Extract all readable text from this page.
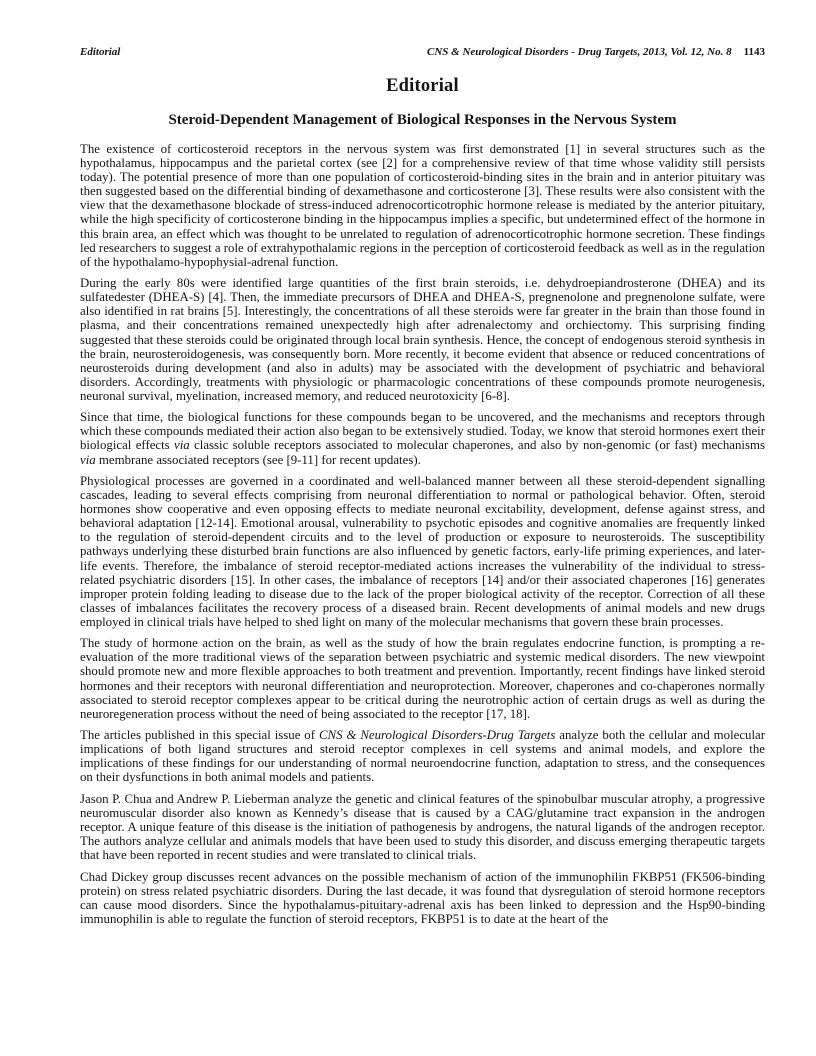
Editorial	CNS & Neurological Disorders - Drug Targets, 2013, Vol. 12, No. 8 1143
Editorial
Steroid-Dependent Management of Biological Responses in the Nervous System

The existence of corticosteroid receptors in the nervous system was first demonstrated [1] in several structures such as the hypothalamus, hippocampus and the parietal cortex (see [2] for a comprehensive review of that time whose validity still persists today). The potential presence of more than one population of corticosteroid-binding sites in the brain and in anterior pituitary was then suggested based on the differential binding of dexamethasone and corticosterone [3]. These results were also consistent with the view that the dexamethasone blockade of stress-induced adrenocorticotrophic hormone release is mediated by the anterior pituitary, while the high specificity of corticosterone binding in the hippocampus implies a specific, but undetermined effect of the hormone in this brain area, an effect which was thought to be unrelated to regulation of adrenocorticotrophic hormone secretion. These findings led researchers to suggest a role of extrahypothalamic regions in the perception of corticosteroid feedback as well as in the regulation of the hypothalamo-hypophysial-adrenal function.

During the early 80s were identified large quantities of the first brain steroids, i.e. dehydroepiandrosterone (DHEA) and its sulfatedester (DHEA-S) [4]. Then, the immediate precursors of DHEA and DHEA-S, pregnenolone and pregnenolone sulfate, were also identified in rat brains [5]. Interestingly, the concentrations of all these steroids were far greater in the brain than those found in plasma, and their concentrations remained unexpectedly high after adrenalectomy and orchiectomy. This surprising finding suggested that these steroids could be originated through local brain synthesis. Hence, the concept of endogenous steroid synthesis in the brain, neurosteroidogenesis, was consequently born. More recently, it become evident that absence or reduced concentrations of neurosteroids during development (and also in adults) may be associated with the development of psychiatric and behavioral disorders. Accordingly, treatments with physiologic or pharmacologic concentrations of these compounds promote neurogenesis, neuronal survival, myelination, increased memory, and reduced neurotoxicity [6-8].

Since that time, the biological functions for these compounds began to be uncovered, and the mechanisms and receptors through which these compounds mediated their action also began to be extensively studied. Today, we know that steroid hormones exert their biological effects via classic soluble receptors associated to molecular chaperones, and also by non-genomic (or fast) mechanisms via membrane associated receptors (see [9-11] for recent updates).

Physiological processes are governed in a coordinated and well-balanced manner between all these steroid-dependent signalling cascades, leading to several effects comprising from neuronal differentiation to normal or pathological behavior. Often, steroid hormones show cooperative and even opposing effects to mediate neuronal excitability, development, defense against stress, and behavioral adaptation [12-14]. Emotional arousal, vulnerability to psychotic episodes and cognitive anomalies are frequently linked to the regulation of steroid-dependent circuits and to the level of production or exposure to neurosteroids. The susceptibility pathways underlying these disturbed brain functions are also influenced by genetic factors, early-life priming experiences, and later-life events. Therefore, the imbalance of steroid receptor-mediated actions increases the vulnerability of the individual to stress-related psychiatric disorders [15]. In other cases, the imbalance of receptors [14] and/or their associated chaperones [16] generates improper protein folding leading to disease due to the lack of the proper biological activity of the receptor. Correction of all these classes of imbalances facilitates the recovery process of a diseased brain. Recent developments of animal models and new drugs employed in clinical trials have helped to shed light on many of the molecular mechanisms that govern these brain processes.

The study of hormone action on the brain, as well as the study of how the brain regulates endocrine function, is prompting a re-evaluation of the more traditional views of the separation between psychiatric and systemic medical disorders. The new viewpoint should promote new and more flexible approaches to both treatment and prevention. Importantly, recent findings have linked steroid hormones and their receptors with neuronal differentiation and neuroprotection. Moreover, chaperones and co-chaperones normally associated to steroid receptor complexes appear to be critical during the neurotrophic action of certain drugs as well as during the neuroregeneration process without the need of being associated to the receptor [17, 18].

The articles published in this special issue of CNS & Neurological Disorders-Drug Targets analyze both the cellular and molecular implications of both ligand structures and steroid receptor complexes in cell systems and animal models, and explore the implications of these findings for our understanding of normal neuroendocrine function, adaptation to stress, and the consequences on their dysfunctions in both animal models and patients.

Jason P. Chua and Andrew P. Lieberman analyze the genetic and clinical features of the spinobulbar muscular atrophy, a progressive neuromuscular disorder also known as Kennedy’s disease that is caused by a CAG/glutamine tract expansion in the androgen receptor. A unique feature of this disease is the initiation of pathogenesis by androgens, the natural ligands of the androgen receptor. The authors analyze cellular and animals models that have been used to study this disorder, and discuss emerging therapeutic targets that have been reported in recent studies and were translated to clinical trials.

Chad Dickey group discusses recent advances on the possible mechanism of action of the immunophilin FKBP51 (FK506-binding protein) on stress related psychiatric disorders. During the last decade, it was found that dysregulation of steroid hormone receptors can cause mood disorders. Since the hypothalamus-pituitary-adrenal axis has been linked to depression and the Hsp90-binding immunophilin is able to regulate the function of steroid receptors, FKBP51 is to date at the heart of the
